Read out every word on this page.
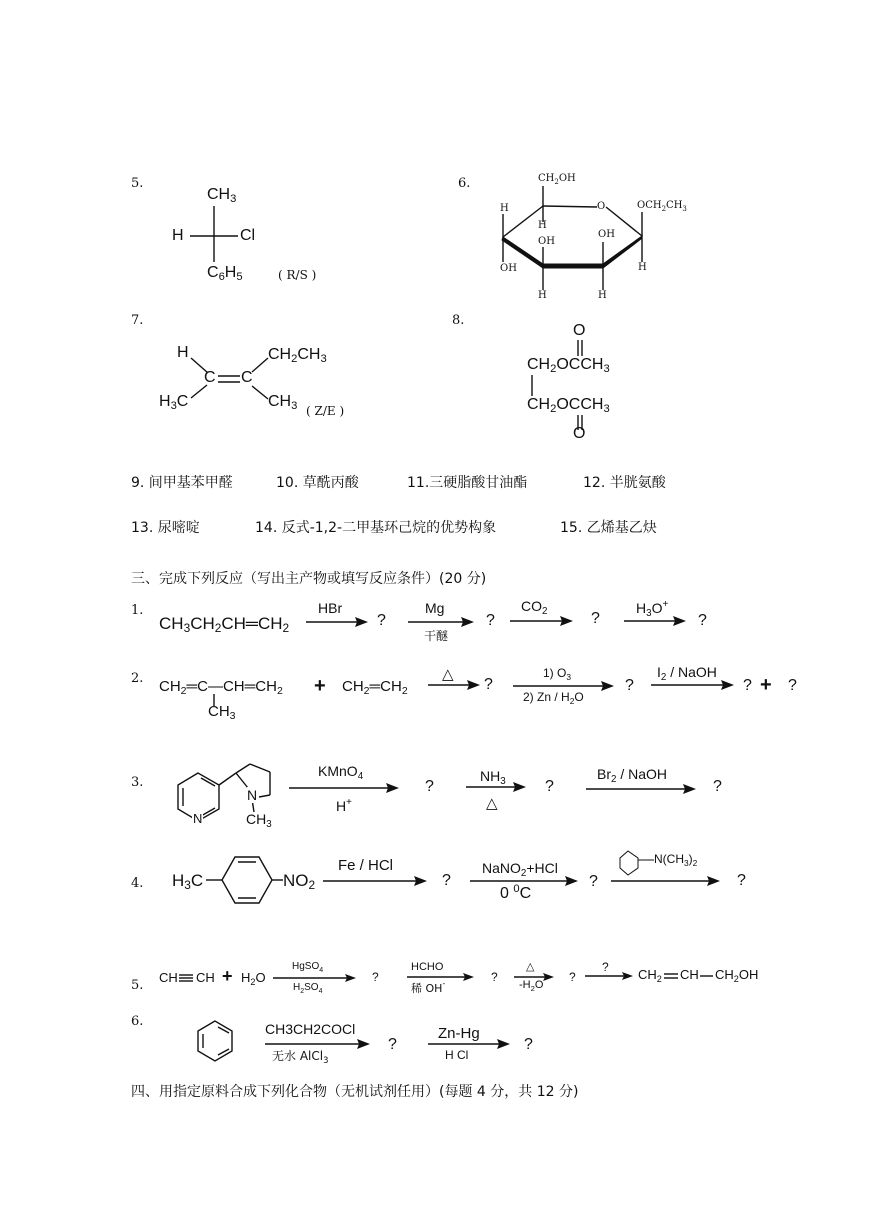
5.
$CH_3$
H	Cl
$C_6H_5$	( R/S )
6.	$CH_2OH$
O	$OCH_2CH_3$
H
H
OH
OH
OH	H
H	H
7.
H	$CH_2CH_3$
C C
$H_3C$	$CH_3$ ( Z/E )
8.
O
$CH_2OCCH_3$
$CH_2OCCH_3$
O
9. 间甲基苯甲醛	10. 草酰丙酸	11.三硬脂酸甘油酯	12. 半胱氨酸
13. 尿嘧啶	14. 反式-1,2-二甲基环己烷的优势构象	15. 乙烯基乙炔
三、完成下列反应（写出主产物或填写反应条件）(20 分)
1.
$CH_3CH_2CH═CH_2$
HBr
?
Mg
干醚
?
$CO_2$	?
$H_3O^+$
?
2. $CH_2═C—CH═CH_2$
$CH_3$
+ $CH_2═CH_2$
△
?
1) $O_3$
2) Zn / $H_2O$
?
$I_2$ / NaOH
? + ?
3.
N
N
$CH_3$
KMnO$_4$
H+
?
$NH_3$
△
?
$Br_2$ / NaOH
?
4. $H_3C$	$NO_2$
Fe / HCl
?
NaNO$_2$+HCl
0 $^0$C
?
$N(CH_3)_2$
?
5.
CH CH + $H_2O$
HgSO$_4$
$H_2SO_4$
?
HCHO
稀 OH-	?
△
$-H_2O$
?
? $CH_2$ CH $CH_2OH$
6.	CH3CH2COCl
无水 AlCl$_3$
?
Zn-Hg
H Cl
?
四、用指定原料合成下列化合物（无机试剂任用）(每题 4 分，共 12 分)
